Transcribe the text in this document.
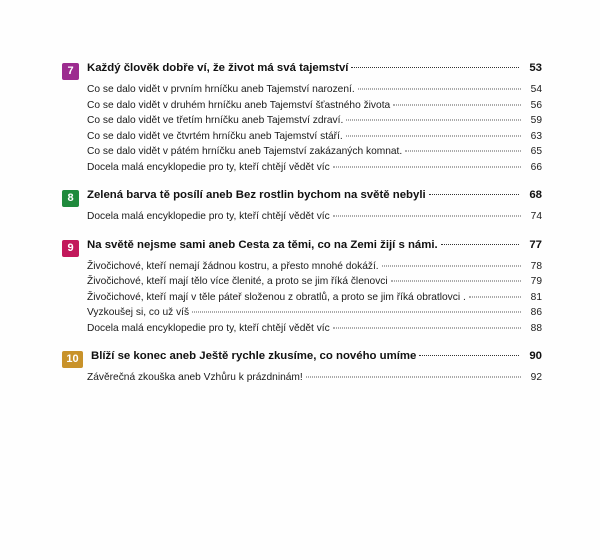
7	Každý člověk dobře ví, že život má svá tajemství	53
Co se dalo vidět v prvním hrníčku aneb Tajemství narození.	54
Co se dalo vidět v druhém hrníčku aneb Tajemství šťastného života	56
Co se dalo vidět ve třetím hrníčku aneb Tajemství zdraví.	59
Co se dalo vidět ve čtvrtém hrníčku aneb Tajemství stáří.	63
Co se dalo vidět v pátém hrníčku aneb Tajemství zakázaných komnat.	65
Docela malá encyklopedie pro ty, kteří chtějí vědět víc	66
8	Zelená barva tě posílí aneb Bez rostlin bychom na světě nebyli	68
Docela malá encyklopedie pro ty, kteří chtějí vědět víc	74
9	Na světě nejsme sami aneb Cesta za těmi, co na Zemi žijí s námi.	77
Živočichové, kteří nemají žádnou kostru, a přesto mnohé dokáží.	78
Živočichové, kteří mají tělo více členité, a proto se jim říká členovci	79
Živočichové, kteří mají v těle páteř složenou z obratlů, a proto se jim říká obratlovci .	81
Vyzkoušej si, co už víš	86
Docela malá encyklopedie pro ty, kteří chtějí vědět víc	88
10	Blíží se konec aneb Ještě rychle zkusíme, co nového umíme	90
Závěrečná zkouška aneb Vzhůru k prázdninám!	92
